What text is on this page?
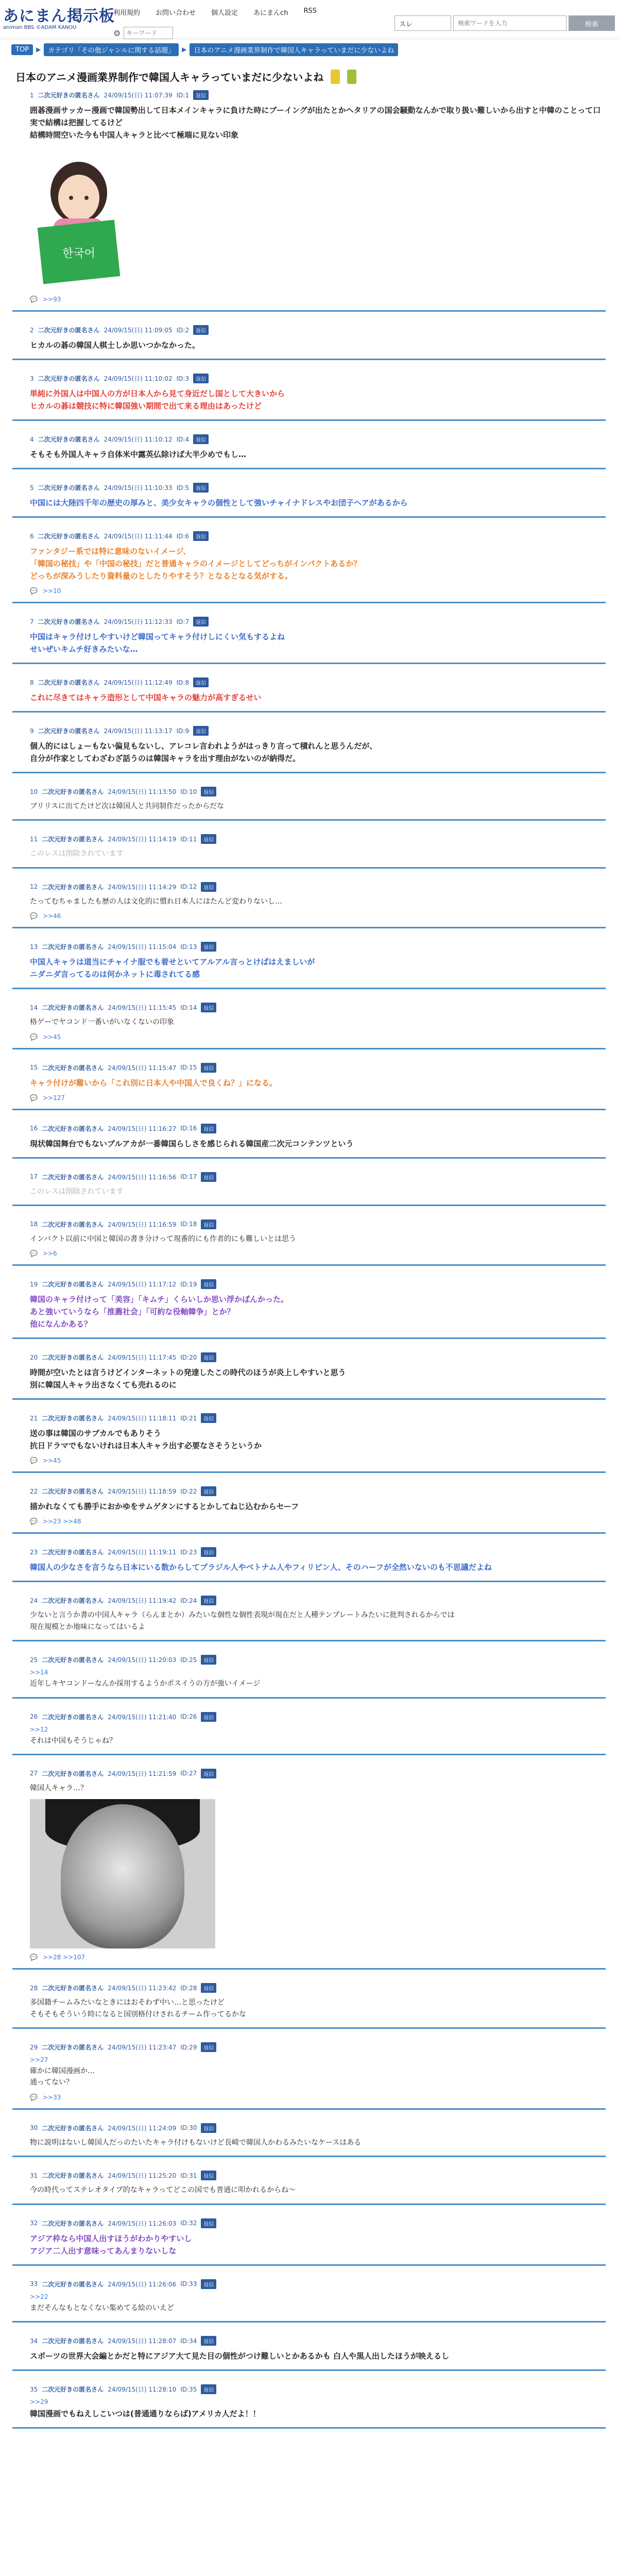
あにまん掲示板
animan BBS ©ADAM KANOU
利用規約 お問い合わせ 個人設定 あにまんch RSS
⚙
キーワード
スレ
検索ワードを入力	検索
TOP	▶	カテゴリ「その他ジャンルに関する話題」	▶	日本のアニメ漫画業界制作で韓国人キャラっていまだに少ないよね
日本のアニメ漫画業界制作で韓国人キャラっていまだに少ないよね
1 二次元好きの匿名さん 24/09/15(日) 11:07:39 ID:1	返信
囲碁漫画サッカー漫画で韓国勢出して日本メインキャラに負けた時にブーイングが出たとかヘタリアの国会騒動なんかで取り扱い難しいから出すと中韓のことって口実で結構は把握してるけど
結構時間空いた今も中国人キャラと比べて極端に見ない印象
한국어
💬 >>93
2 二次元好きの匿名さん 24/09/15(日) 11:09:05 ID:2	返信
ヒカルの碁の韓国人棋士しか思いつかなかった。
3 二次元好きの匿名さん 24/09/15(日) 11:10:02 ID:3	返信
単純に外国人は中国人の方が日本人から見て身近だし国として大きいから
ヒカルの碁は競技に特に韓国強い期間で出て来る理由はあったけど
4 二次元好きの匿名さん 24/09/15(日) 11:10:12 ID:4	返信
そもそも外国人キャラ自体米中露英仏除けば大半少めでもし…
5 二次元好きの匿名さん 24/09/15(日) 11:10:33 ID:5	返信
中国には大陸四千年の歴史の厚みと、美少女キャラの個性として強いチャイナドレスやお団子ヘアがあるから
6 二次元好きの匿名さん 24/09/15(日) 11:11:44 ID:6	返信
ファンタジー系では特に意味のないイメージ、
「韓国の秘技」や「中国の秘技」だと普通キャラのイメージとしてどっちがインパクトあるか？
どっちが深みうしたり資料量のとしたりやすそう？となるとなる気がする。
💬 >>10
7 二次元好きの匿名さん 24/09/15(日) 11:12:33 ID:7	返信
中国はキャラ付けしやすいけど韓国ってキャラ付けしにくい気もするよね
せいぜいキムチ好きみたいな…
8 二次元好きの匿名さん 24/09/15(日) 11:12:49 ID:8	返信
これに尽きてはキャラ造形として中国キャラの魅力が高すぎるせい
9 二次元好きの匿名さん 24/09/15(日) 11:13:17 ID:9	返信
個人的にはしょーもない偏見もないし、アレコレ言われようがはっきり言って積れんと思うんだが、
自分が作家としてわざわざ話うのは韓国キャラを出す理由がないのが納得だ。
10 二次元好きの匿名さん 24/09/15(日) 11:13:50 ID:10	返信
ブリリスに出てたけど次は韓国人と共同制作だったからだな
11 二次元好きの匿名さん 24/09/15(日) 11:14:19 ID:11	返信
このレスは削除されています
12 二次元好きの匿名さん 24/09/15(日) 11:14:29 ID:12	返信
たってむちゃましたも歴の人は文化的に慣れ日本人にはたんど変わりないし…
💬 >>46
13 二次元好きの匿名さん 24/09/15(日) 11:15:04 ID:13	返信
中国人キャラは道当にチャイナ服でも着せといてアルアル言っとけばはえましいが
ニダニダ言ってるのは何かネットに毒されてる感
14 二次元好きの匿名さん 24/09/15(日) 11:15:45 ID:14	返信
格ゲーでヤコンド一番いがいなくないの印象
💬 >>45
15 二次元好きの匿名さん 24/09/15(日) 11:15:47 ID:15	返信
キャラ付けが難いから「これ別に日本人や中国人で良くね？」になる。
💬 >>127
16 二次元好きの匿名さん 24/09/15(日) 11:16:27 ID:16	返信
現状韓国舞台でもないブルアカが一番韓国らしさを感じられる韓国産二次元コンテンツという
17 二次元好きの匿名さん 24/09/15(日) 11:16:56 ID:17	返信
このレスは削除されています
18 二次元好きの匿名さん 24/09/15(日) 11:16:59 ID:18	返信
インパクト以前に中国と韓国の書き分けって現番的にも作者的にも難しいとは思う
💬 >>6
19 二次元好きの匿名さん 24/09/15(日) 11:17:12 ID:19	返信
韓国のキャラ付けって「美容」「キムチ」くらいしか思い浮かばんかった。
あと強いていうなら「推薦社会」「可約な役軸韓争」とか？
他になんかある？
20 二次元好きの匿名さん 24/09/15(日) 11:17:45 ID:20	返信
時間が空いたとは言うけどインターネットの発達したこの時代のほうが炎上しやすいと思う
別に韓国人キャラ出さなくても売れるのに
21 二次元好きの匿名さん 24/09/15(日) 11:18:11 ID:21	返信
送の事は韓国のサブカルでもありそう
抗日ドラマでもないけれは日本人キャラ出す必要なさそうというか
💬 >>45
22 二次元好きの匿名さん 24/09/15(日) 11:18:59 ID:22	返信
描かれなくても勝手におかゆをサムゲタンにするとかしてねじ込むからセーフ
💬 >>23 >>48
23 二次元好きの匿名さん 24/09/15(日) 11:19:11 ID:23	返信
韓国人の少なさを言うなら日本にいる数からしてブラジル人やベトナム人やフィリピン人、そのハーフが全然いないのも不思議だよね
24 二次元好きの匿名さん 24/09/15(日) 11:19:42 ID:24	返信
少ないと言うか書の中国人キャラ（らんまとか）みたいな個性な個性表現が現在だと人種テンプレートみたいに批判されるからでは
現在規模とか地味になってはいるよ
25 二次元好きの匿名さん 24/09/15(日) 11:20:03 ID:25	返信
>>14
近年しキヤコンドーなんか採用するようかポスイうの方が強いイメージ
26 二次元好きの匿名さん 24/09/15(日) 11:21:40 ID:26	返信
>>12
それは中国もそうじゃね？
27 二次元好きの匿名さん 24/09/15(日) 11:21:59 ID:27	返信
韓国人キャラ…？
💬 >>28 >>107
28 二次元好きの匿名さん 24/09/15(日) 11:23:42 ID:28	返信
多国籍チームみたいなときにはおそわず中い…と思ったけど
そもそもそういう時になると国別格付けされるチーム作ってるかな
29 二次元好きの匿名さん 24/09/15(日) 11:23:47 ID:29	返信
>>27
確かに韓国漫画か…
通ってない？
💬 >>33
30 二次元好きの匿名さん 24/09/15(日) 11:24:09 ID:30	返信
物に説明はないし韓国人だっのたいたキャラ付けもないけど長崎で韓国人かわるみたいなケースはある
31 二次元好きの匿名さん 24/09/15(日) 11:25:20 ID:31	返信
今の時代ってステレオタイプ的なキャラってどこの国でも普通に叩かれるからね〜
32 二次元好きの匿名さん 24/09/15(日) 11:26:03 ID:32	返信
アジア枠なら中国人出すほうがわかりやすいし
アジア二人出す意味ってあんまりないしな
33 二次元好きの匿名さん 24/09/15(日) 11:26:06 ID:33	返信
>>22
まだそんなもとなくない集めてる絵のいえど
34 二次元好きの匿名さん 24/09/15(日) 11:28:07 ID:34	返信
スポーツの世界大会編とかだと特にアジア大て見た目の個性がつけ難しいとかあるかも 白人や黒人出したほうが映えるし
35 二次元好きの匿名さん 24/09/15(日) 11:28:10 ID:35	返信
>>29
韓国漫画でもねえしこいつは(普通通りならば)アメリカ人だよ！！
